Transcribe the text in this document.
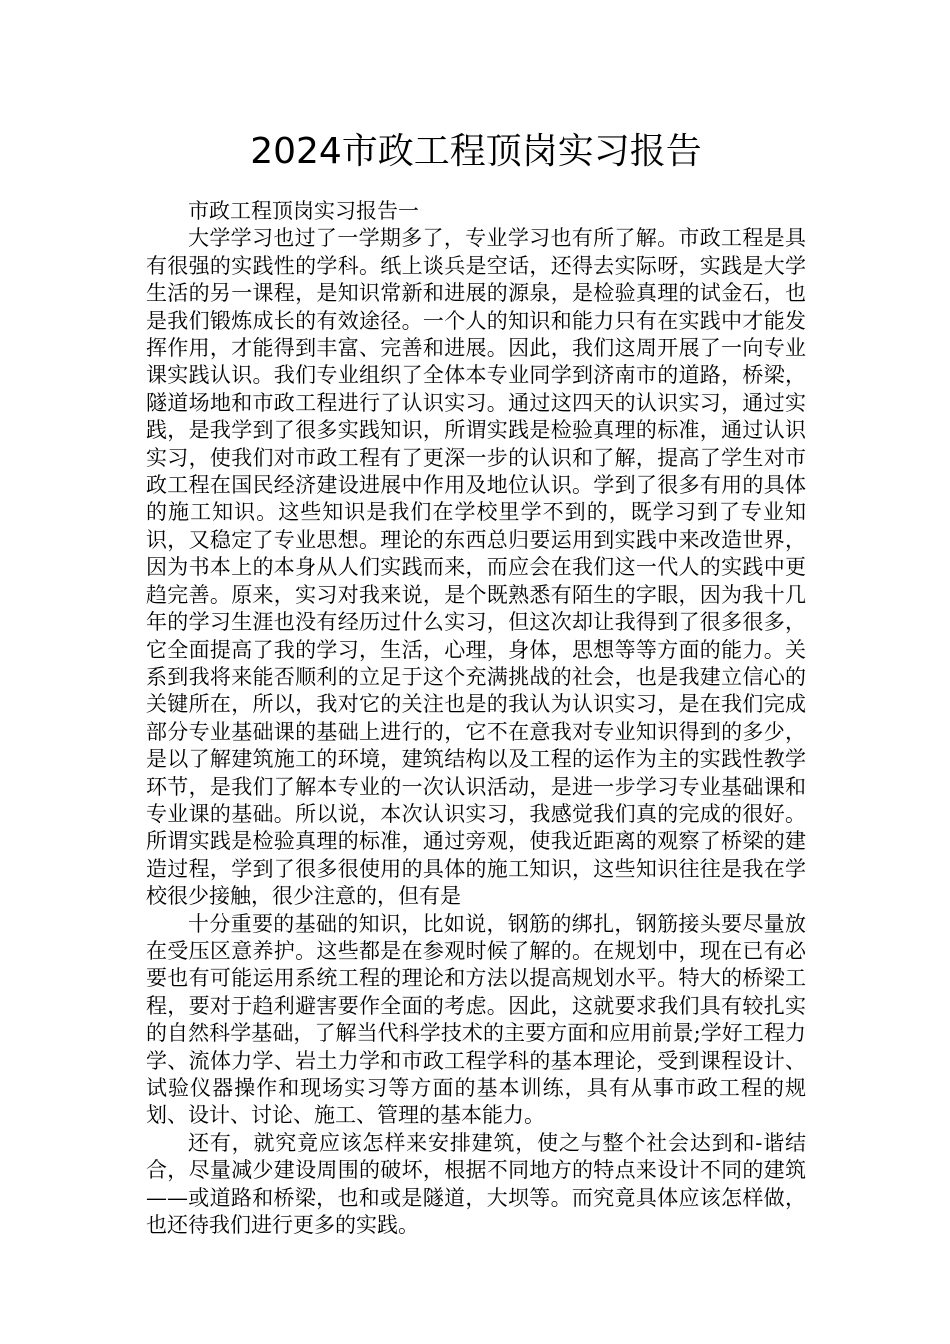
2024市政工程顶岗实习报告

市政工程顶岗实习报告一

大学学习也过了一学期多了，专业学习也有所了解。市政工程是具有很强的实践性的学科。纸上谈兵是空话，还得去实际呀，实践是大学生活的另一课程，是知识常新和进展的源泉，是检验真理的试金石，也是我们锻炼成长的有效途径。一个人的知识和能力只有在实践中才能发挥作用，才能得到丰富、完善和进展。因此，我们这周开展了一向专业课实践认识。我们专业组织了全体本专业同学到济南市的道路，桥梁，隧道场地和市政工程进行了认识实习。通过这四天的认识实习，通过实践，是我学到了很多实践知识，所谓实践是检验真理的标准，通过认识实习，使我们对市政工程有了更深一步的认识和了解，提高了学生对市政工程在国民经济建设进展中作用及地位认识。学到了很多有用的具体的施工知识。这些知识是我们在学校里学不到的，既学习到了专业知识，又稳定了专业思想。理论的东西总归要运用到实践中来改造世界，因为书本上的本身从人们实践而来，而应会在我们这一代人的实践中更趋完善。原来，实习对我来说，是个既熟悉有陌生的字眼，因为我十几年的学习生涯也没有经历过什么实习，但这次却让我得到了很多很多，它全面提高了我的学习，生活，心理，身体，思想等等方面的能力。关系到我将来能否顺利的立足于这个充满挑战的社会，也是我建立信心的关键所在，所以，我对它的关注也是的我认为认识实习，是在我们完成部分专业基础课的基础上进行的，它不在意我对专业知识得到的多少，是以了解建筑施工的环境，建筑结构以及工程的运作为主的实践性教学环节，是我们了解本专业的一次认识活动，是进一步学习专业基础课和专业课的基础。所以说，本次认识实习，我感觉我们真的完成的很好。所谓实践是检验真理的标准，通过旁观，使我近距离的观察了桥梁的建造过程，学到了很多很使用的具体的施工知识，这些知识往往是我在学校很少接触，很少注意的，但有是

十分重要的基础的知识，比如说，钢筋的绑扎，钢筋接头要尽量放在受压区意养护。这些都是在参观时候了解的。在规划中，现在已有必要也有可能运用系统工程的理论和方法以提高规划水平。特大的桥梁工程，要对于趋利避害要作全面的考虑。因此，这就要求我们具有较扎实的自然科学基础，了解当代科学技术的主要方面和应用前景;学好工程力学、流体力学、岩土力学和市政工程学科的基本理论，受到课程设计、试验仪器操作和现场实习等方面的基本训练，具有从事市政工程的规划、设计、讨论、施工、管理的基本能力。

还有，就究竟应该怎样来安排建筑，使之与整个社会达到和-谐结合，尽量减少建设周围的破坏，根据不同地方的特点来设计不同的建筑——或道路和桥梁，也和或是隧道，大坝等。而究竟具体应该怎样做，也还待我们进行更多的实践。
